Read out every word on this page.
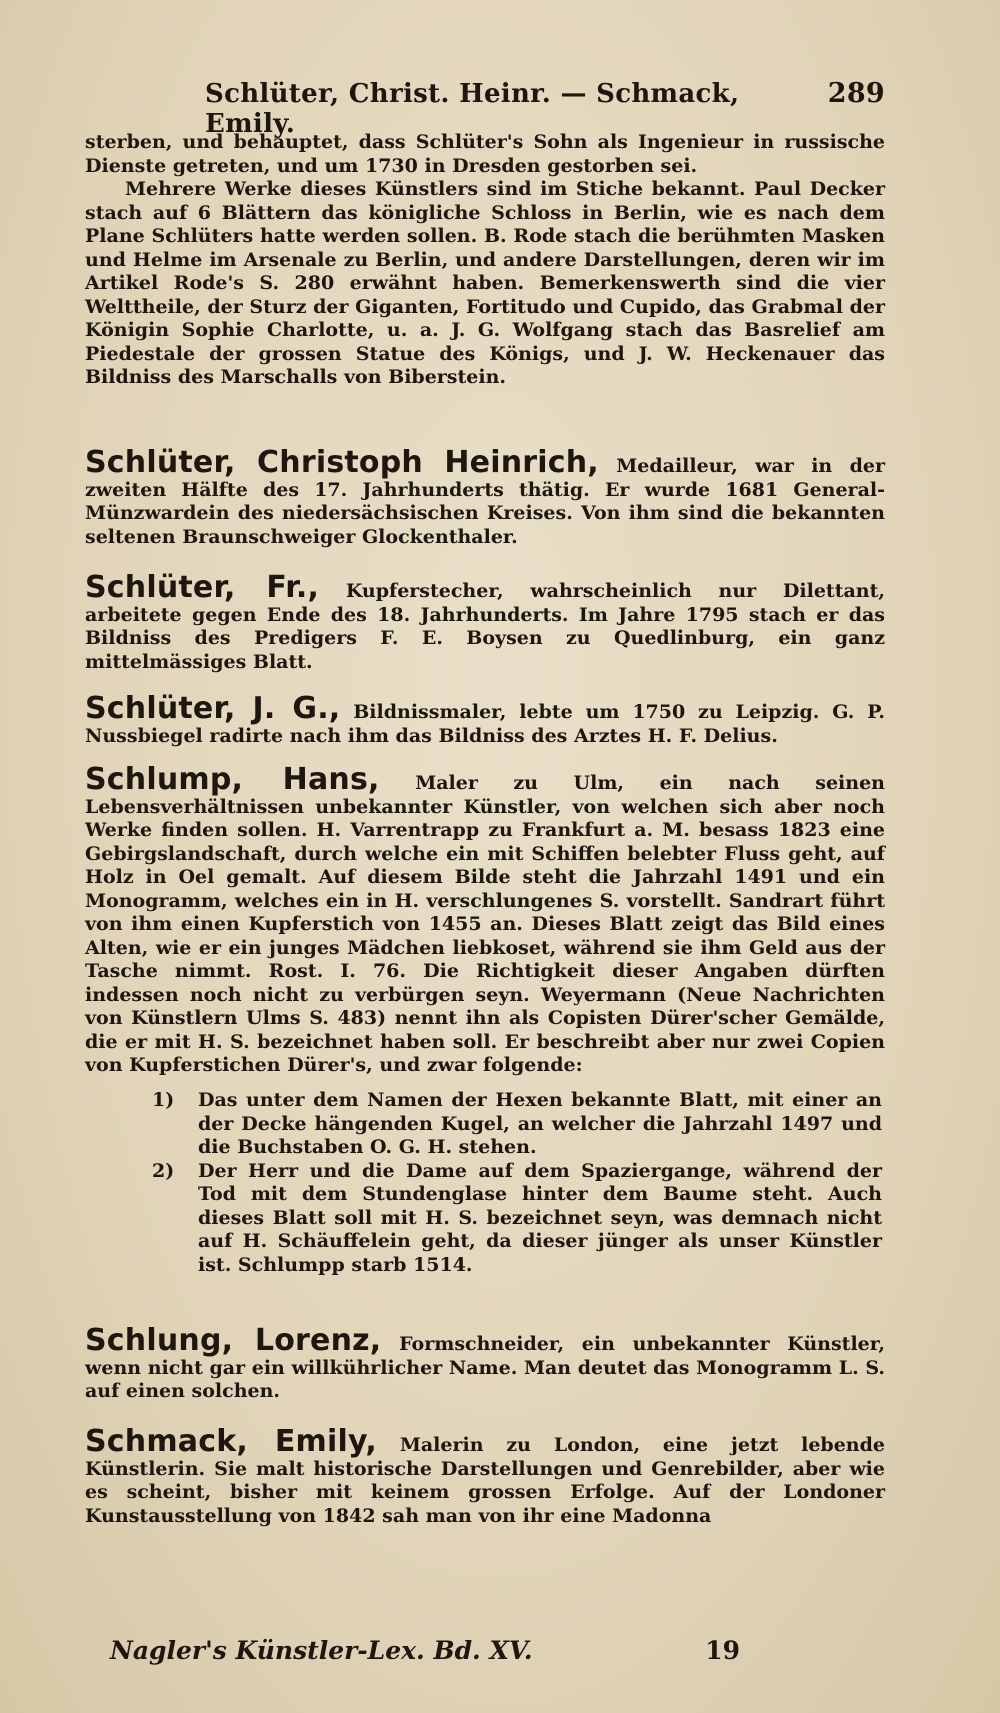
Schlüter, Christ. Heinr. — Schmack, Emily.
289

sterben, und behauptet, dass Schlüter's Sohn als Ingenieur in russische Dienste getreten, und um 1730 in Dresden gestorben sei.

Mehrere Werke dieses Künstlers sind im Stiche bekannt. Paul Decker stach auf 6 Blättern das königliche Schloss in Berlin, wie es nach dem Plane Schlüters hatte werden sollen. B. Rode stach die berühmten Masken und Helme im Arsenale zu Berlin, und andere Darstellungen, deren wir im Artikel Rode's S. 280 erwähnt haben. Bemerkenswerth sind die vier Welttheile, der Sturz der Giganten, Fortitudo und Cupido, das Grabmal der Königin Sophie Charlotte, u. a. J. G. Wolfgang stach das Basrelief am Piedestale der grossen Statue des Königs, und J. W. Heckenauer das Bildniss des Marschalls von Biberstein.

Schlüter, Christoph Heinrich, Medailleur, war in der zweiten Hälfte des 17. Jahrhunderts thätig. Er wurde 1681 General-Münzwardein des niedersächsischen Kreises. Von ihm sind die bekannten seltenen Braunschweiger Glockenthaler.

Schlüter, Fr., Kupferstecher, wahrscheinlich nur Dilettant, arbeitete gegen Ende des 18. Jahrhunderts. Im Jahre 1795 stach er das Bildniss des Predigers F. E. Boysen zu Quedlinburg, ein ganz mittelmässiges Blatt.

Schlüter, J. G., Bildnissmaler, lebte um 1750 zu Leipzig. G. P. Nussbiegel radirte nach ihm das Bildniss des Arztes H. F. Delius.

Schlump, Hans, Maler zu Ulm, ein nach seinen Lebensverhältnissen unbekannter Künstler, von welchen sich aber noch Werke finden sollen. H. Varrentrapp zu Frankfurt a. M. besass 1823 eine Gebirgslandschaft, durch welche ein mit Schiffen belebter Fluss geht, auf Holz in Oel gemalt. Auf diesem Bilde steht die Jahrzahl 1491 und ein Monogramm, welches ein in H. verschlungenes S. vorstellt. Sandrart führt von ihm einen Kupferstich von 1455 an. Dieses Blatt zeigt das Bild eines Alten, wie er ein junges Mädchen liebkoset, während sie ihm Geld aus der Tasche nimmt. Rost. I. 76. Die Richtigkeit dieser Angaben dürften indessen noch nicht zu verbürgen seyn. Weyermann (Neue Nachrichten von Künstlern Ulms S. 483) nennt ihn als Copisten Dürer'scher Gemälde, die er mit H. S. bezeichnet haben soll. Er beschreibt aber nur zwei Copien von Kupferstichen Dürer's, und zwar folgende:

1)	Das unter dem Namen der Hexen bekannte Blatt, mit einer an der Decke hängenden Kugel, an welcher die Jahrzahl 1497 und die Buchstaben O. G. H. stehen.

2)	Der Herr und die Dame auf dem Spaziergange, während der Tod mit dem Stundenglase hinter dem Baume steht. Auch dieses Blatt soll mit H. S. bezeichnet seyn, was demnach nicht auf H. Schäuffelein geht, da dieser jünger als unser Künstler ist. Schlumpp starb 1514.

Schlung, Lorenz, Formschneider, ein unbekannter Künstler, wenn nicht gar ein willkührlicher Name. Man deutet das Monogramm L. S. auf einen solchen.

Schmack, Emily, Malerin zu London, eine jetzt lebende Künstlerin. Sie malt historische Darstellungen und Genrebilder, aber wie es scheint, bisher mit keinem grossen Erfolge. Auf der Londoner Kunstausstellung von 1842 sah man von ihr eine Madonna

Nagler's Künstler-Lex. Bd. XV.	19
